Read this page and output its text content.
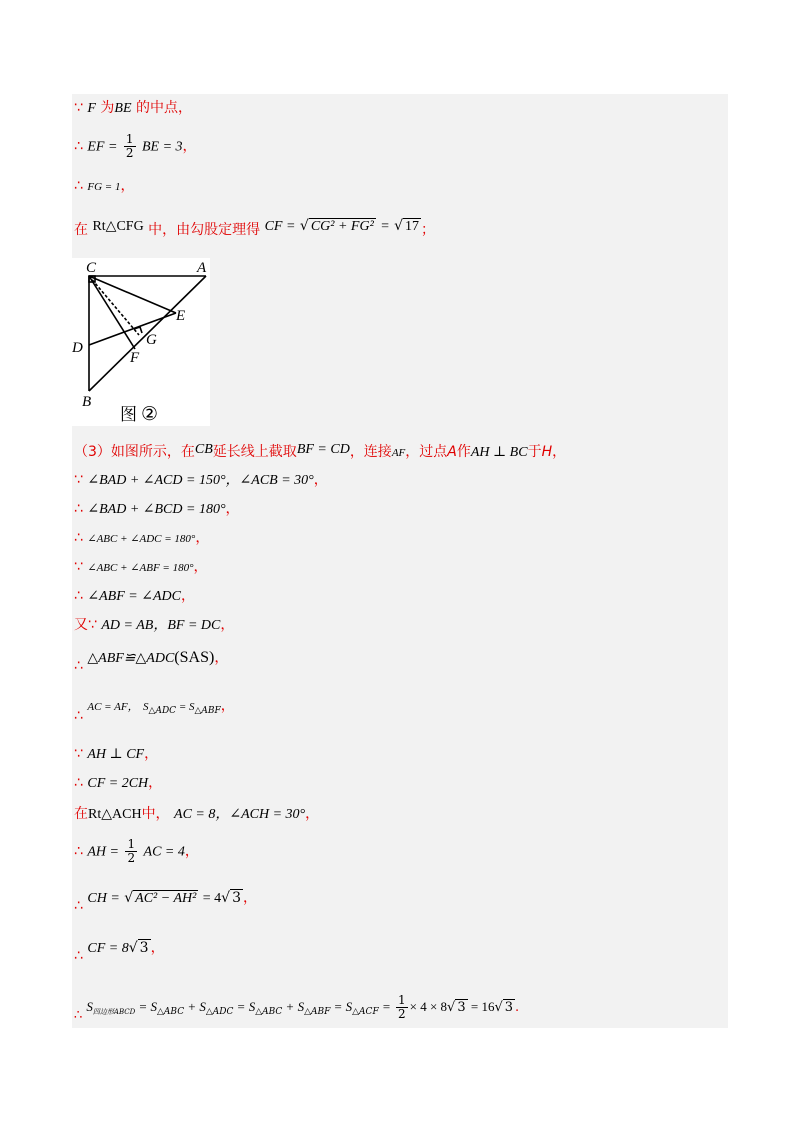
∵ F 为BE 的中点，
∴ EF = $\frac{1}{2}$ BE = 3，
∴ FG = 1，
在 Rt△CFG 中，由勾股定理得 CF = √ CG² + FG² = √ 17 ；
C	A
E
D	G
F
B
图 ②
（3）如图所示，在CB延长线上截取BF = CD，连接AF，过点A作AH ⊥ BC于H，
∵ ∠BAD + ∠ACD = 150°，∠ACB = 30°，
∴ ∠BAD + ∠BCD = 180°，
∴ ∠ABC + ∠ADC = 180°，
∵ ∠ABC + ∠ABF = 180°，
∴ ∠ABF = ∠ADC，
又∵ AD = AB，BF = DC，
∴ △ABF≌△ADC(SAS)，
∴ AC = AF， $S_{\triangle ADC} = S_{\triangle ABF}$，
∵ AH ⊥ CF，
∴ CF = 2CH，
在Rt△ACH中， AC = 8，∠ACH = 30°，
∴ AH = $\frac{1}{2}$ AC = 4，
∴ CH = √ AC² − AH² = 4√ 3 ，
∴ CF = 8√ 3 ，
∴ $S_{四边形ABCD} = S_{\triangle ABC} + S_{\triangle ADC} = S_{\triangle ABC} + S_{\triangle ABF} = S_{\triangle ACF} = \frac{1}{2} \times 4 \times 8√$ 3 = 16√ 3 .
